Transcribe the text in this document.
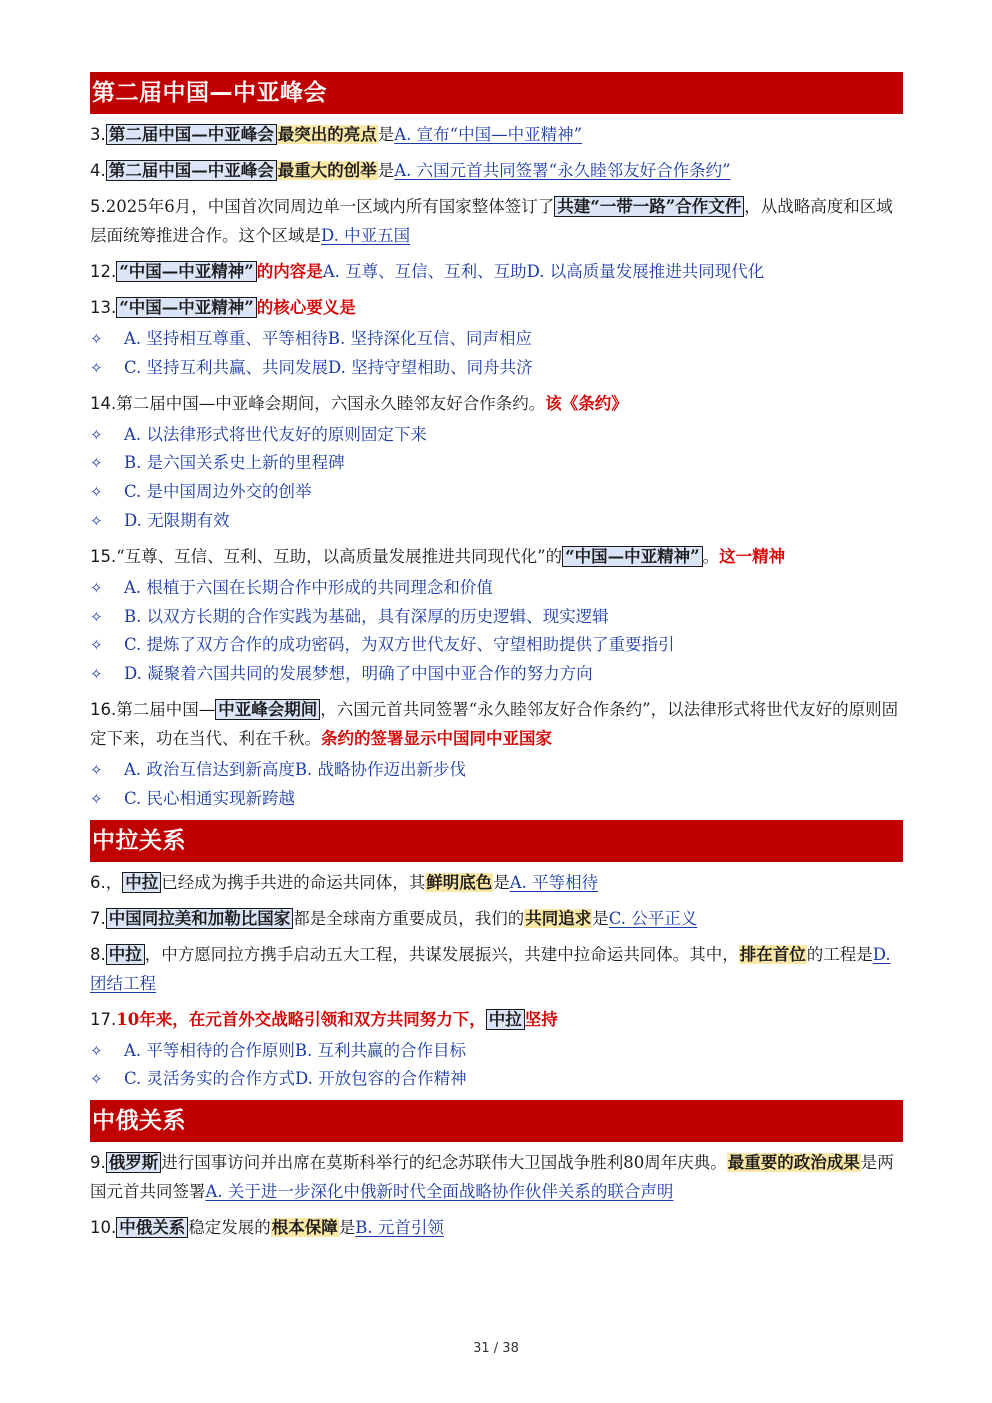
第二届中国—中亚峰会
3. 第二届中国—中亚峰会 最突出的亮点是A. 宣布“中国—中亚精神”
4. 第二届中国—中亚峰会 最重大的创举是A. 六国元首共同签署“永久睦邻友好合作条约”
5.2025年6月，中国首次同周边单一区域内所有国家整体签订了 共建“一带一路”合作文件 ，从战略高度和区域层面统筹推进合作。这个区域是D. 中亚五国
12. “中国—中亚精神” 的内容是A. 互尊、互信、互利、互助D. 以高质量发展推进共同现代化
13. “中国—中亚精神” 的核心要义是
✧ A. 坚持相互尊重、平等相待B. 坚持深化互信、同声相应
✧ C. 坚持互利共赢、共同发展D. 坚持守望相助、同舟共济
14.第二届中国—中亚峰会期间，六国永久睦邻友好合作条约。该《条约》
✧ A. 以法律形式将世代友好的原则固定下来
✧ B. 是六国关系史上新的里程碑
✧ C. 是中国周边外交的创举
✧ D. 无限期有效
15.“互尊、互信、互利、互助，以高质量发展推进共同现代化”的 “中国—中亚精神” 。这一精神
✧ A. 根植于六国在长期合作中形成的共同理念和价值
✧ B. 以双方长期的合作实践为基础，具有深厚的历史逻辑、现实逻辑
✧ C. 提炼了双方合作的成功密码，为双方世代友好、守望相助提供了重要指引
✧ D. 凝聚着六国共同的发展梦想，明确了中国中亚合作的努力方向
16.第二届中国— 中亚峰会期间 ，六国元首共同签署“永久睦邻友好合作条约”，以法律形式将世代友好的原则固定下来，功在当代、利在千秋。条约的签署显示中国同中亚国家
✧ A. 政治互信达到新高度B. 战略协作迈出新步伐
✧ C. 民心相通实现新跨越
中拉关系
6.， 中拉 已经成为携手共进的命运共同体，其鲜明底色是A. 平等相待
7. 中国同拉美和加勒比国家 都是全球南方重要成员，我们的共同追求是C. 公平正义
8. 中拉 ，中方愿同拉方携手启动五大工程，共谋发展振兴，共建中拉命运共同体。其中，排在首位的工程是D. 团结工程
17.10年来，在元首外交战略引领和双方共同努力下， 中拉 坚持
✧ A. 平等相待的合作原则B. 互利共赢的合作目标
✧ C. 灵活务实的合作方式D. 开放包容的合作精神
中俄关系
9. 俄罗斯 进行国事访问并出席在莫斯科举行的纪念苏联伟大卫国战争胜利80周年庆典。最重要的政治成果是两国元首共同签署A. 关于进一步深化中俄新时代全面战略协作伙伴关系的联合声明
10. 中俄关系 稳定发展的根本保障是B. 元首引领
31 / 38
